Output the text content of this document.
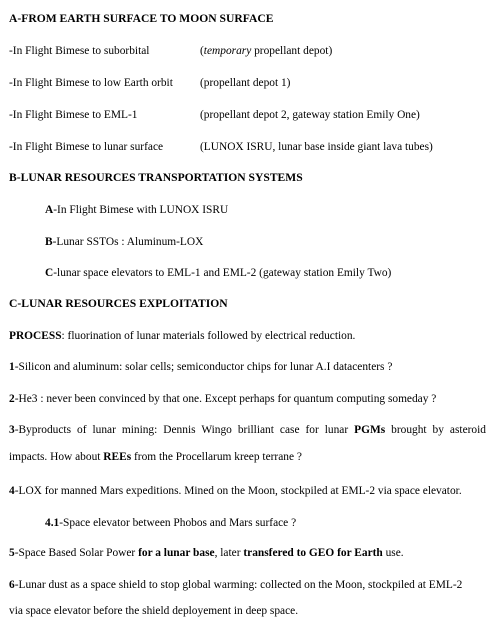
A-FROM EARTH SURFACE TO MOON SURFACE
-In Flight Bimese to suborbital	(temporary propellant depot)
-In Flight Bimese to low Earth orbit (propellant depot 1)
-In Flight Bimese to EML-1	(propellant depot 2, gateway station Emily One)
-In Flight Bimese to lunar surface	(LUNOX ISRU, lunar base inside giant lava tubes)
B-LUNAR RESOURCES TRANSPORTATION SYSTEMS
A-In Flight Bimese with LUNOX ISRU
B-Lunar SSTOs : Aluminum-LOX
C-lunar space elevators to EML-1 and EML-2 (gateway station Emily Two)
C-LUNAR RESOURCES EXPLOITATION
PROCESS: fluorination of lunar materials followed by electrical reduction.
1-Silicon and aluminum: solar cells; semiconductor chips for lunar A.I datacenters ?
2-He3 : never been convinced by that one. Except perhaps for quantum computing someday ?
3-Byproducts of lunar mining: Dennis Wingo brilliant case for lunar PGMs brought by asteroid
impacts. How about REEs from the Procellarum kreep terrane ?
4-LOX for manned Mars expeditions. Mined on the Moon, stockpiled at EML-2 via space elevator.
4.1-Space elevator between Phobos and Mars surface ?
5-Space Based Solar Power for a lunar base, later transfered to GEO for Earth use.
6-Lunar dust as a space shield to stop global warming: collected on the Moon, stockpiled at EML-2
via space elevator before the shield deployement in deep space.
